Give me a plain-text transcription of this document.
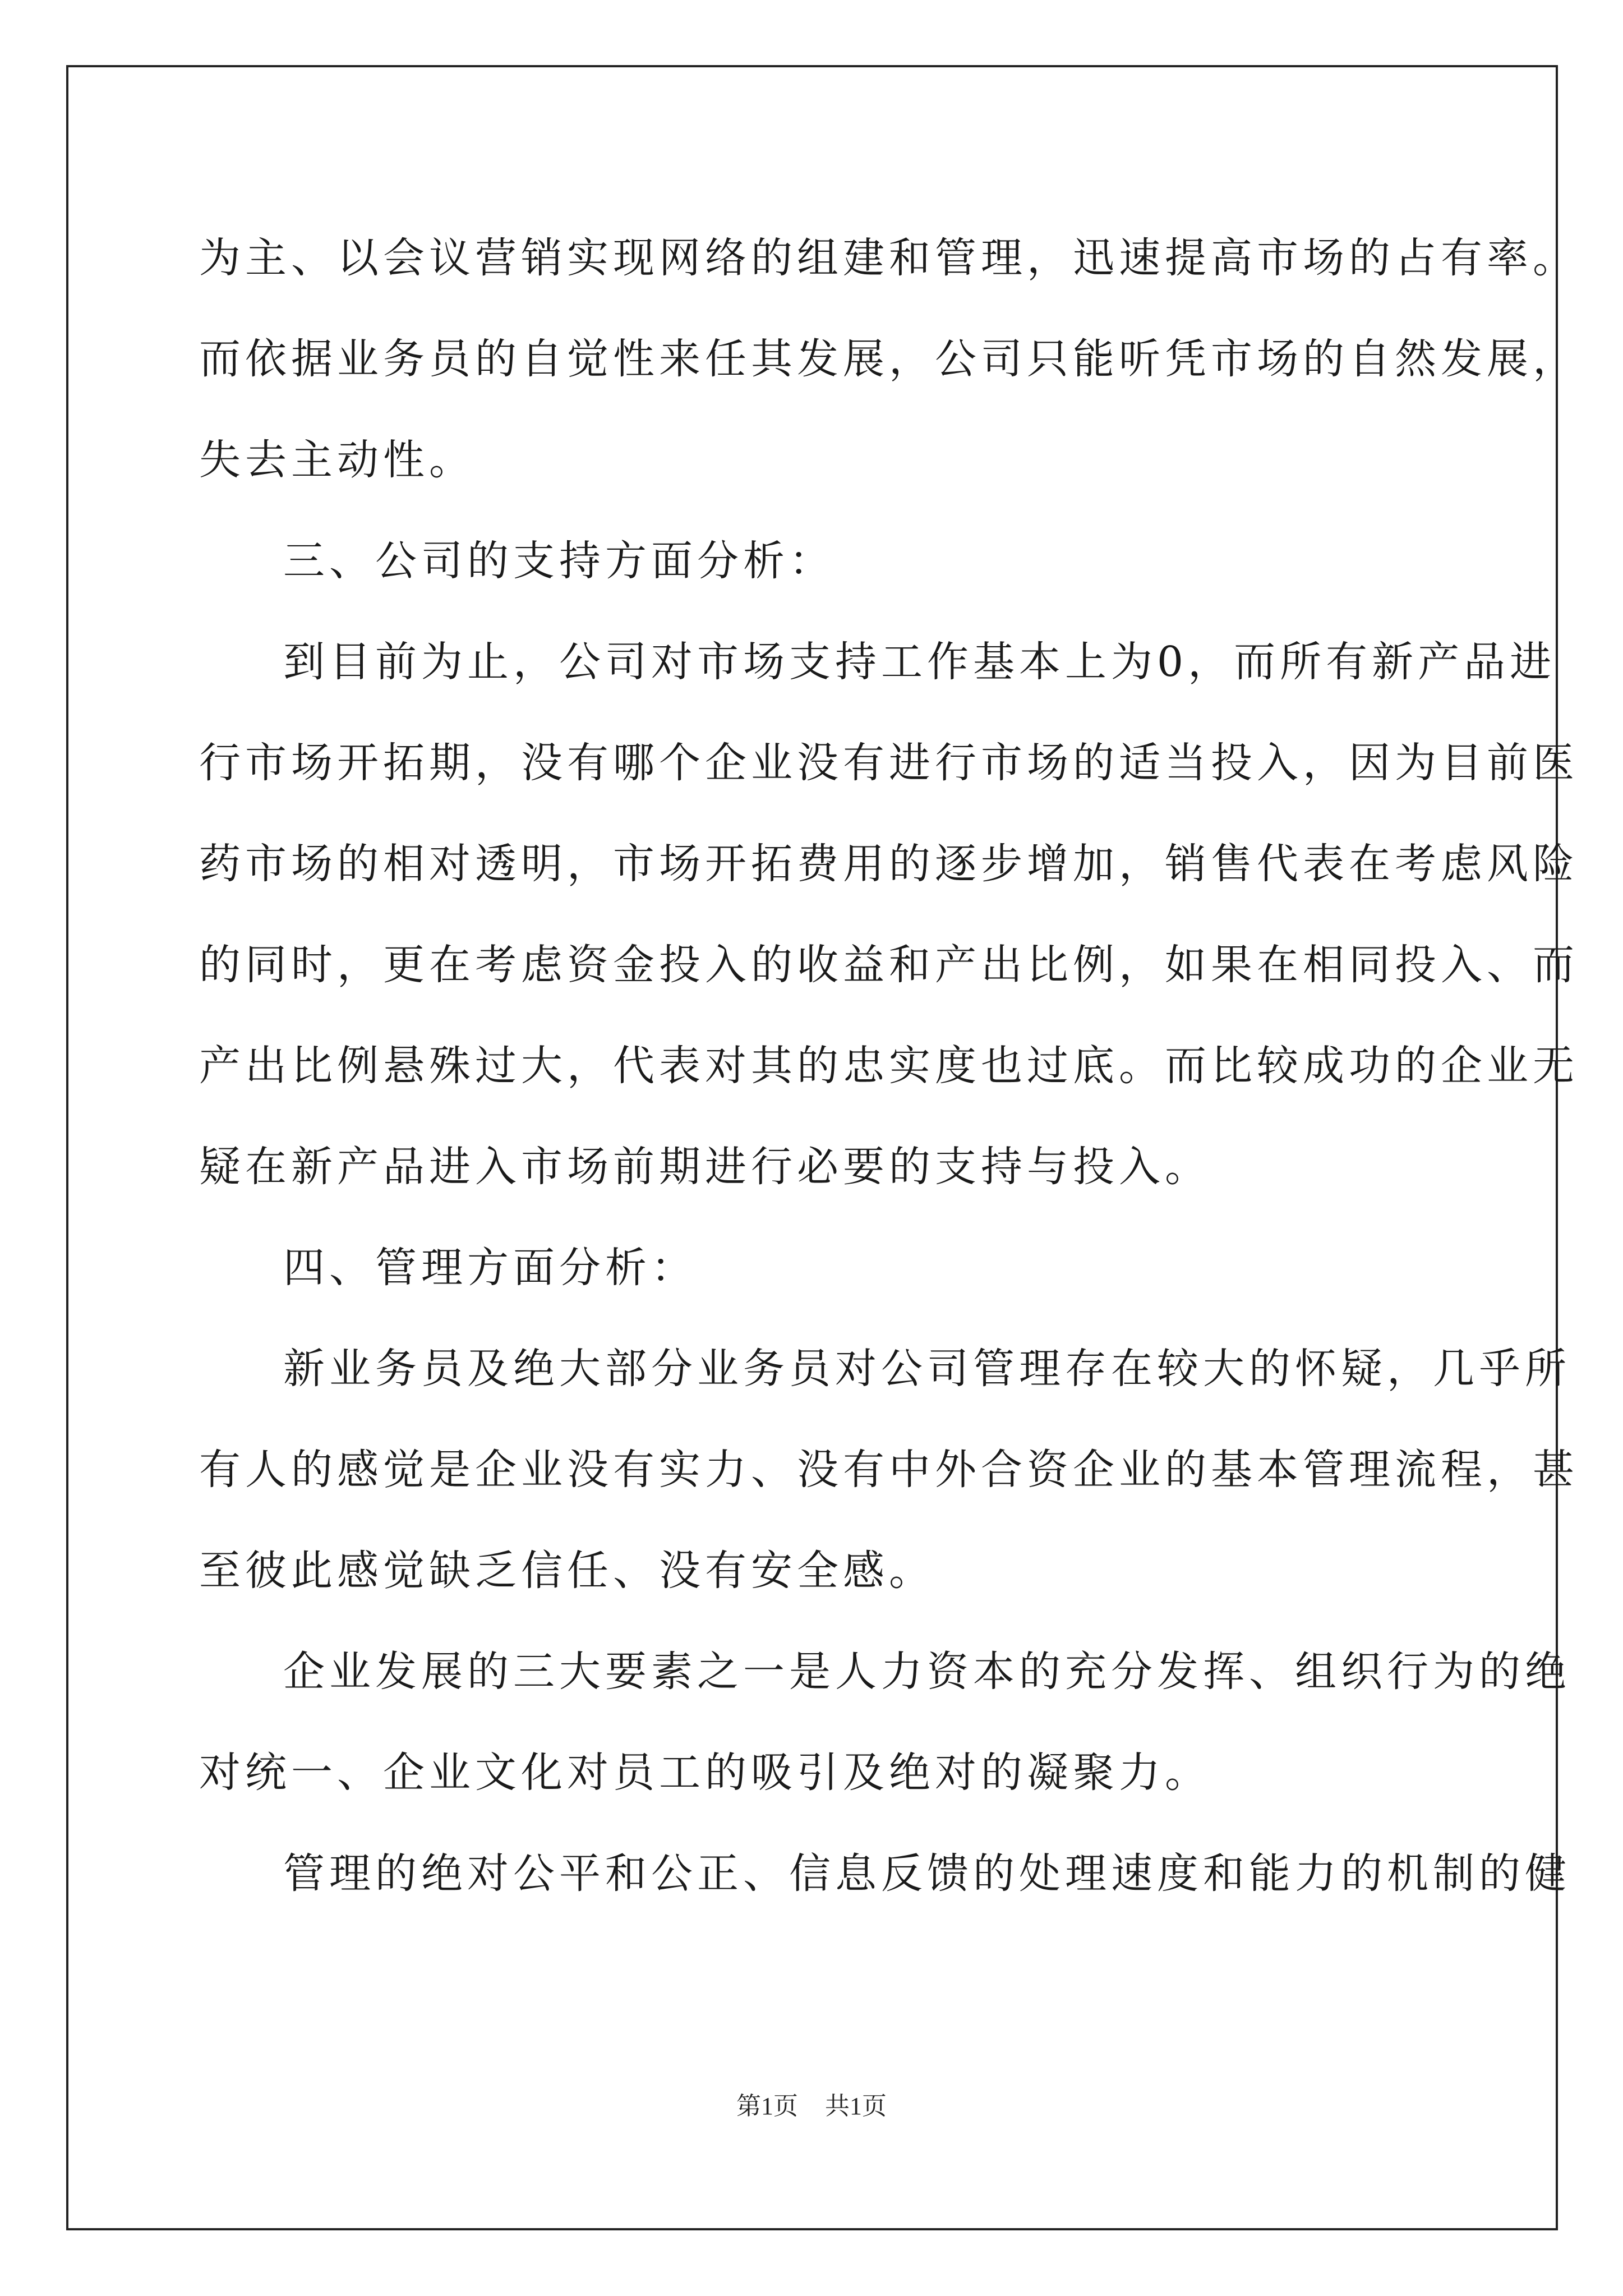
为主、以会议营销实现网络的组建和管理，迅速提高市场的占有率。
而依据业务员的自觉性来任其发展，公司只能听凭市场的自然发展，
失去主动性。
三、公司的支持方面分析：
到目前为止，公司对市场支持工作基本上为0，而所有新产品进
行市场开拓期，没有哪个企业没有进行市场的适当投入，因为目前医
药市场的相对透明，市场开拓费用的逐步增加，销售代表在考虑风险
的同时，更在考虑资金投入的收益和产出比例，如果在相同投入、而
产出比例悬殊过大，代表对其的忠实度也过底。而比较成功的企业无
疑在新产品进入市场前期进行必要的支持与投入。
四、管理方面分析：
新业务员及绝大部分业务员对公司管理存在较大的怀疑，几乎所
有人的感觉是企业没有实力、没有中外合资企业的基本管理流程，甚
至彼此感觉缺乏信任、没有安全感。
企业发展的三大要素之一是人力资本的充分发挥、组织行为的绝
对统一、企业文化对员工的吸引及绝对的凝聚力。
管理的绝对公平和公正、信息反馈的处理速度和能力的机制的健
第1页 共1页
